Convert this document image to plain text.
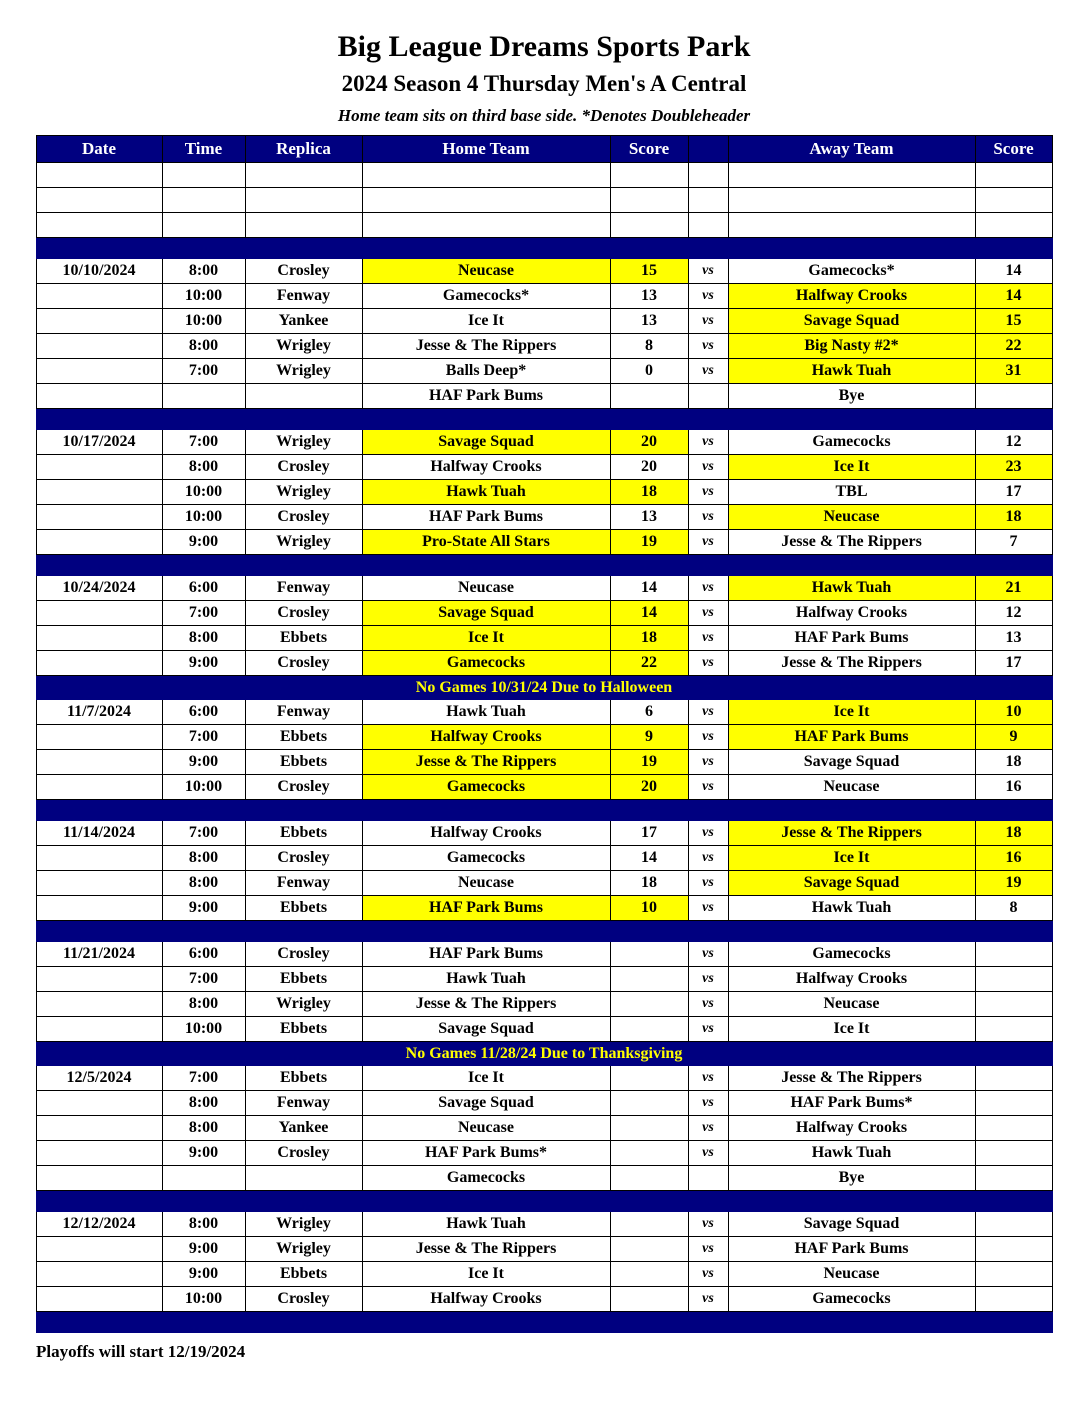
Big League Dreams Sports Park
2024 Season 4 Thursday Men's A Central
Home team sits on third base side. *Denotes Doubleheader
Date	Time	Replica	Home Team	Score		Away Team	Score

10/10/2024	8:00	Crosley	Neucase	15	vs	Gamecocks*	14
	10:00	Fenway	Gamecocks*	13	vs	Halfway Crooks	14
	10:00	Yankee	Ice It	13	vs	Savage Squad	15
	8:00	Wrigley	Jesse & The Rippers	8	vs	Big Nasty #2*	22
	7:00	Wrigley	Balls Deep*	0	vs	Hawk Tuah	31
			HAF Park Bums			Bye	

10/17/2024	7:00	Wrigley	Savage Squad	20	vs	Gamecocks	12
	8:00	Crosley	Halfway Crooks	20	vs	Ice It	23
	10:00	Wrigley	Hawk Tuah	18	vs	TBL	17
	10:00	Crosley	HAF Park Bums	13	vs	Neucase	18
	9:00	Wrigley	Pro-State All Stars	19	vs	Jesse & The Rippers	7

10/24/2024	6:00	Fenway	Neucase	14	vs	Hawk Tuah	21
	7:00	Crosley	Savage Squad	14	vs	Halfway Crooks	12
	8:00	Ebbets	Ice It	18	vs	HAF Park Bums	13
	9:00	Crosley	Gamecocks	22	vs	Jesse & The Rippers	17
No Games 10/31/24 Due to Halloween							
11/7/2024	6:00	Fenway	Hawk Tuah	6	vs	Ice It	10
	7:00	Ebbets	Halfway Crooks	9	vs	HAF Park Bums	9
	9:00	Ebbets	Jesse & The Rippers	19	vs	Savage Squad	18
	10:00	Crosley	Gamecocks	20	vs	Neucase	16

11/14/2024	7:00	Ebbets	Halfway Crooks	17	vs	Jesse & The Rippers	18
	8:00	Crosley	Gamecocks	14	vs	Ice It	16
	8:00	Fenway	Neucase	18	vs	Savage Squad	19
	9:00	Ebbets	HAF Park Bums	10	vs	Hawk Tuah	8

11/21/2024	6:00	Crosley	HAF Park Bums		vs	Gamecocks	
	7:00	Ebbets	Hawk Tuah		vs	Halfway Crooks	
	8:00	Wrigley	Jesse & The Rippers		vs	Neucase	
	10:00	Ebbets	Savage Squad		vs	Ice It	
No Games 11/28/24 Due to Thanksgiving							
12/5/2024	7:00	Ebbets	Ice It		vs	Jesse & The Rippers	
	8:00	Fenway	Savage Squad		vs	HAF Park Bums*	
	8:00	Yankee	Neucase		vs	Halfway Crooks	
	9:00	Crosley	HAF Park Bums*		vs	Hawk Tuah	
			Gamecocks			Bye	

12/12/2024	8:00	Wrigley	Hawk Tuah		vs	Savage Squad	
	9:00	Wrigley	Jesse & The Rippers		vs	HAF Park Bums	
	9:00	Ebbets	Ice It		vs	Neucase	
	10:00	Crosley	Halfway Crooks		vs	Gamecocks	

Playoffs will start 12/19/2024
